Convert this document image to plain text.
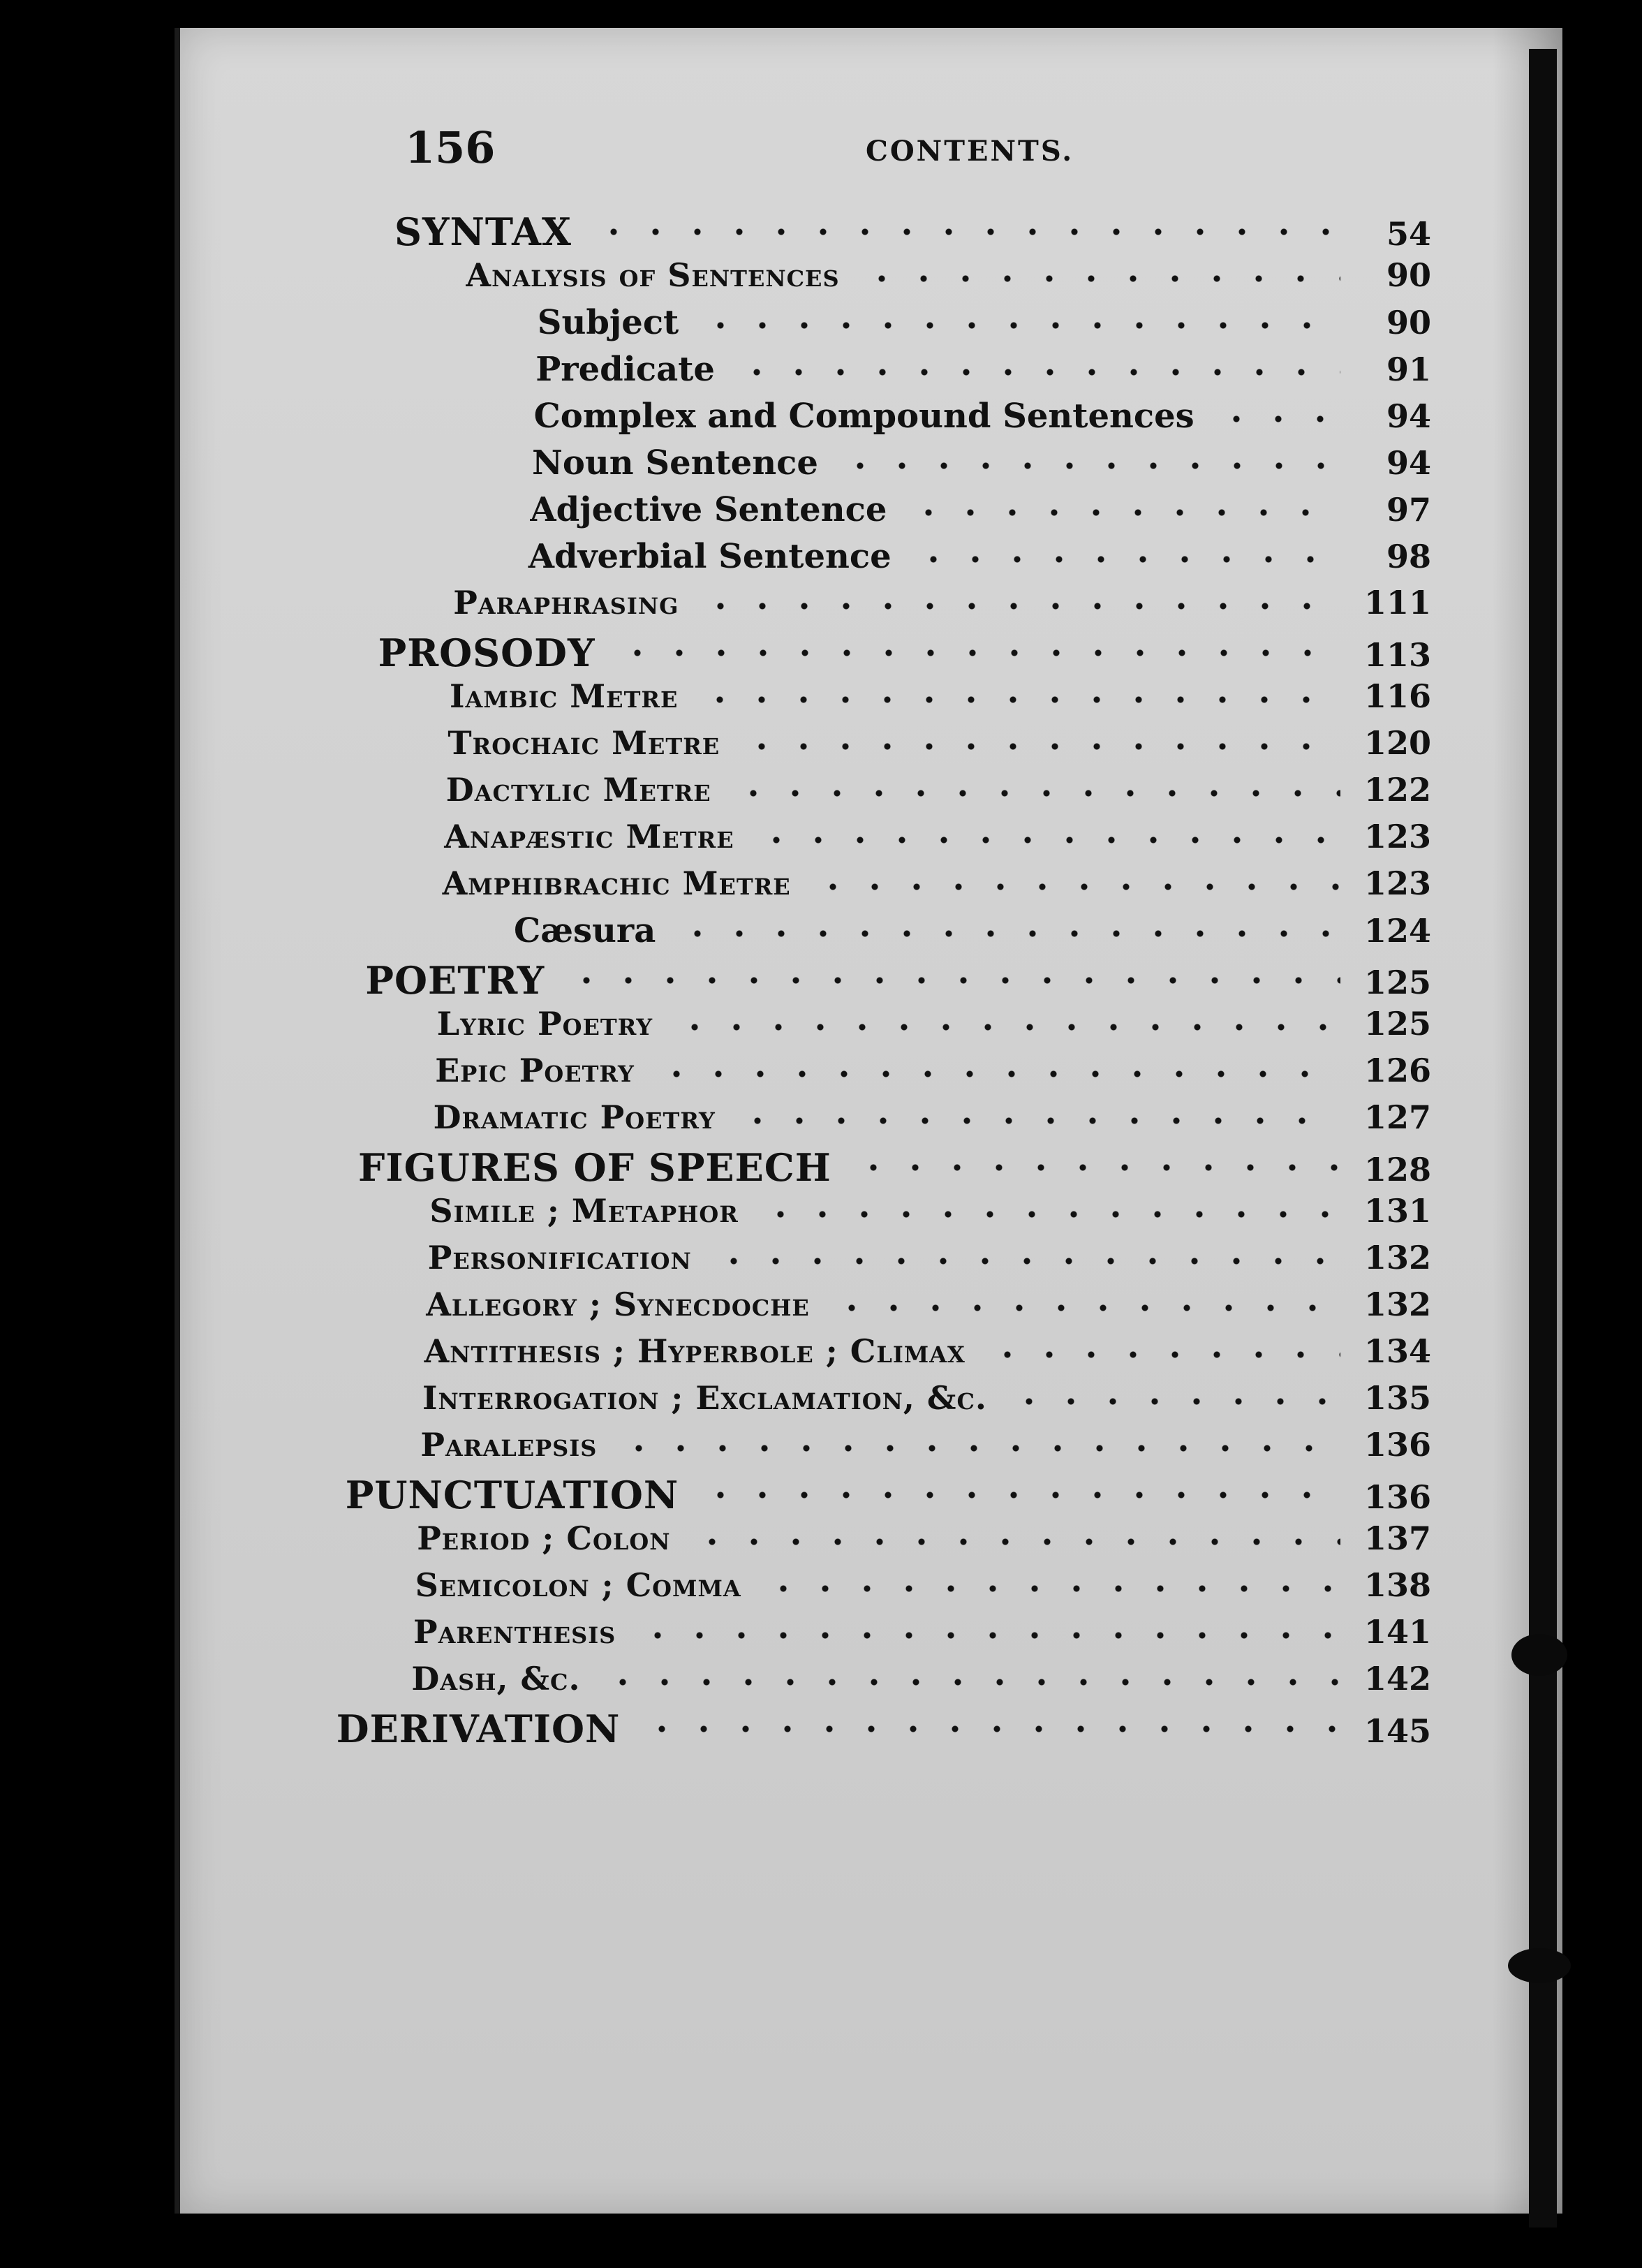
156	CONTENTS.
SYNTAX	54
Analysis of Sentences	90
Subject	90
Predicate	91
Complex and Compound Sentences	94
Noun Sentence	94
Adjective Sentence	97
Adverbial Sentence	98
Paraphrasing	111
PROSODY	113
Iambic Metre	116
Trochaic Metre	120
Dactylic Metre	122
Anapæstic Metre	123
Amphibrachic Metre	123
Cæsura	124
POETRY	125
Lyric Poetry	125
Epic Poetry	126
Dramatic Poetry	127
FIGURES OF SPEECH	128
Simile ; Metaphor	131
Personification	132
Allegory ; Synecdoche	132
Antithesis ; Hyperbole ; Climax	134
Interrogation ; Exclamation, &c.	135
Paralepsis	136
PUNCTUATION	136
Period ; Colon	137
Semicolon ; Comma	138
Parenthesis	141
Dash, &c.	142
DERIVATION	145
